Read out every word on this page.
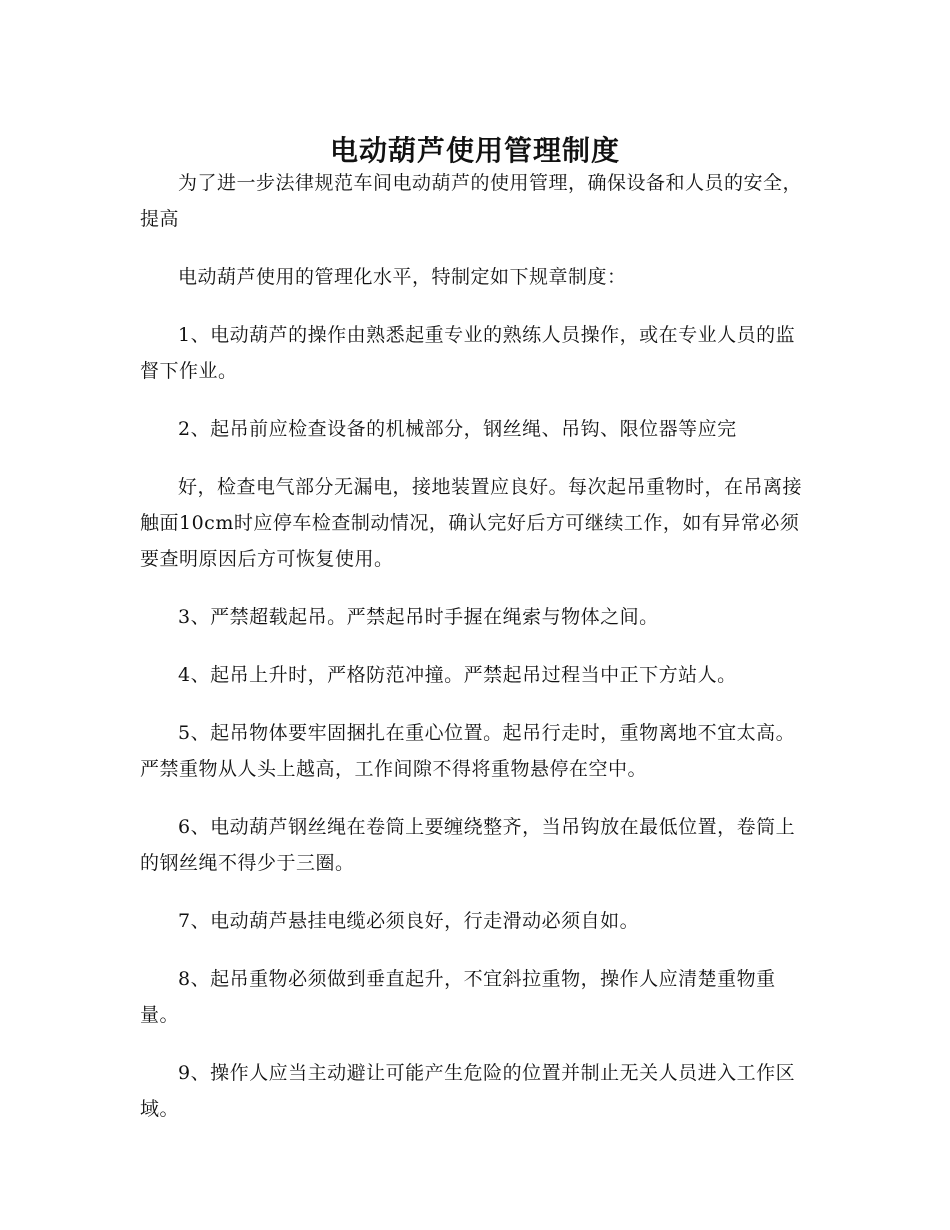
电动葫芦使用管理制度

为了进一步法律规范车间电动葫芦的使用管理，确保设备和人员的安全，提高

电动葫芦使用的管理化水平，特制定如下规章制度：

1、电动葫芦的操作由熟悉起重专业的熟练人员操作，或在专业人员的监督下作业。

2、起吊前应检查设备的机械部分，钢丝绳、吊钩、限位器等应完

好，检查电气部分无漏电，接地装置应良好。每次起吊重物时，在吊离接触面10cm时应停车检查制动情况，确认完好后方可继续工作，如有异常必须要查明原因后方可恢复使用。

3、严禁超载起吊。严禁起吊时手握在绳索与物体之间。

4、起吊上升时，严格防范冲撞。严禁起吊过程当中正下方站人。

5、起吊物体要牢固捆扎在重心位置。起吊行走时，重物离地不宜太高。严禁重物从人头上越高，工作间隙不得将重物悬停在空中。

6、电动葫芦钢丝绳在卷筒上要缠绕整齐，当吊钩放在最低位置，卷筒上的钢丝绳不得少于三圈。

7、电动葫芦悬挂电缆必须良好，行走滑动必须自如。

8、起吊重物必须做到垂直起升，不宜斜拉重物，操作人应清楚重物重量。

9、操作人应当主动避让可能产生危险的位置并制止无关人员进入工作区域。
